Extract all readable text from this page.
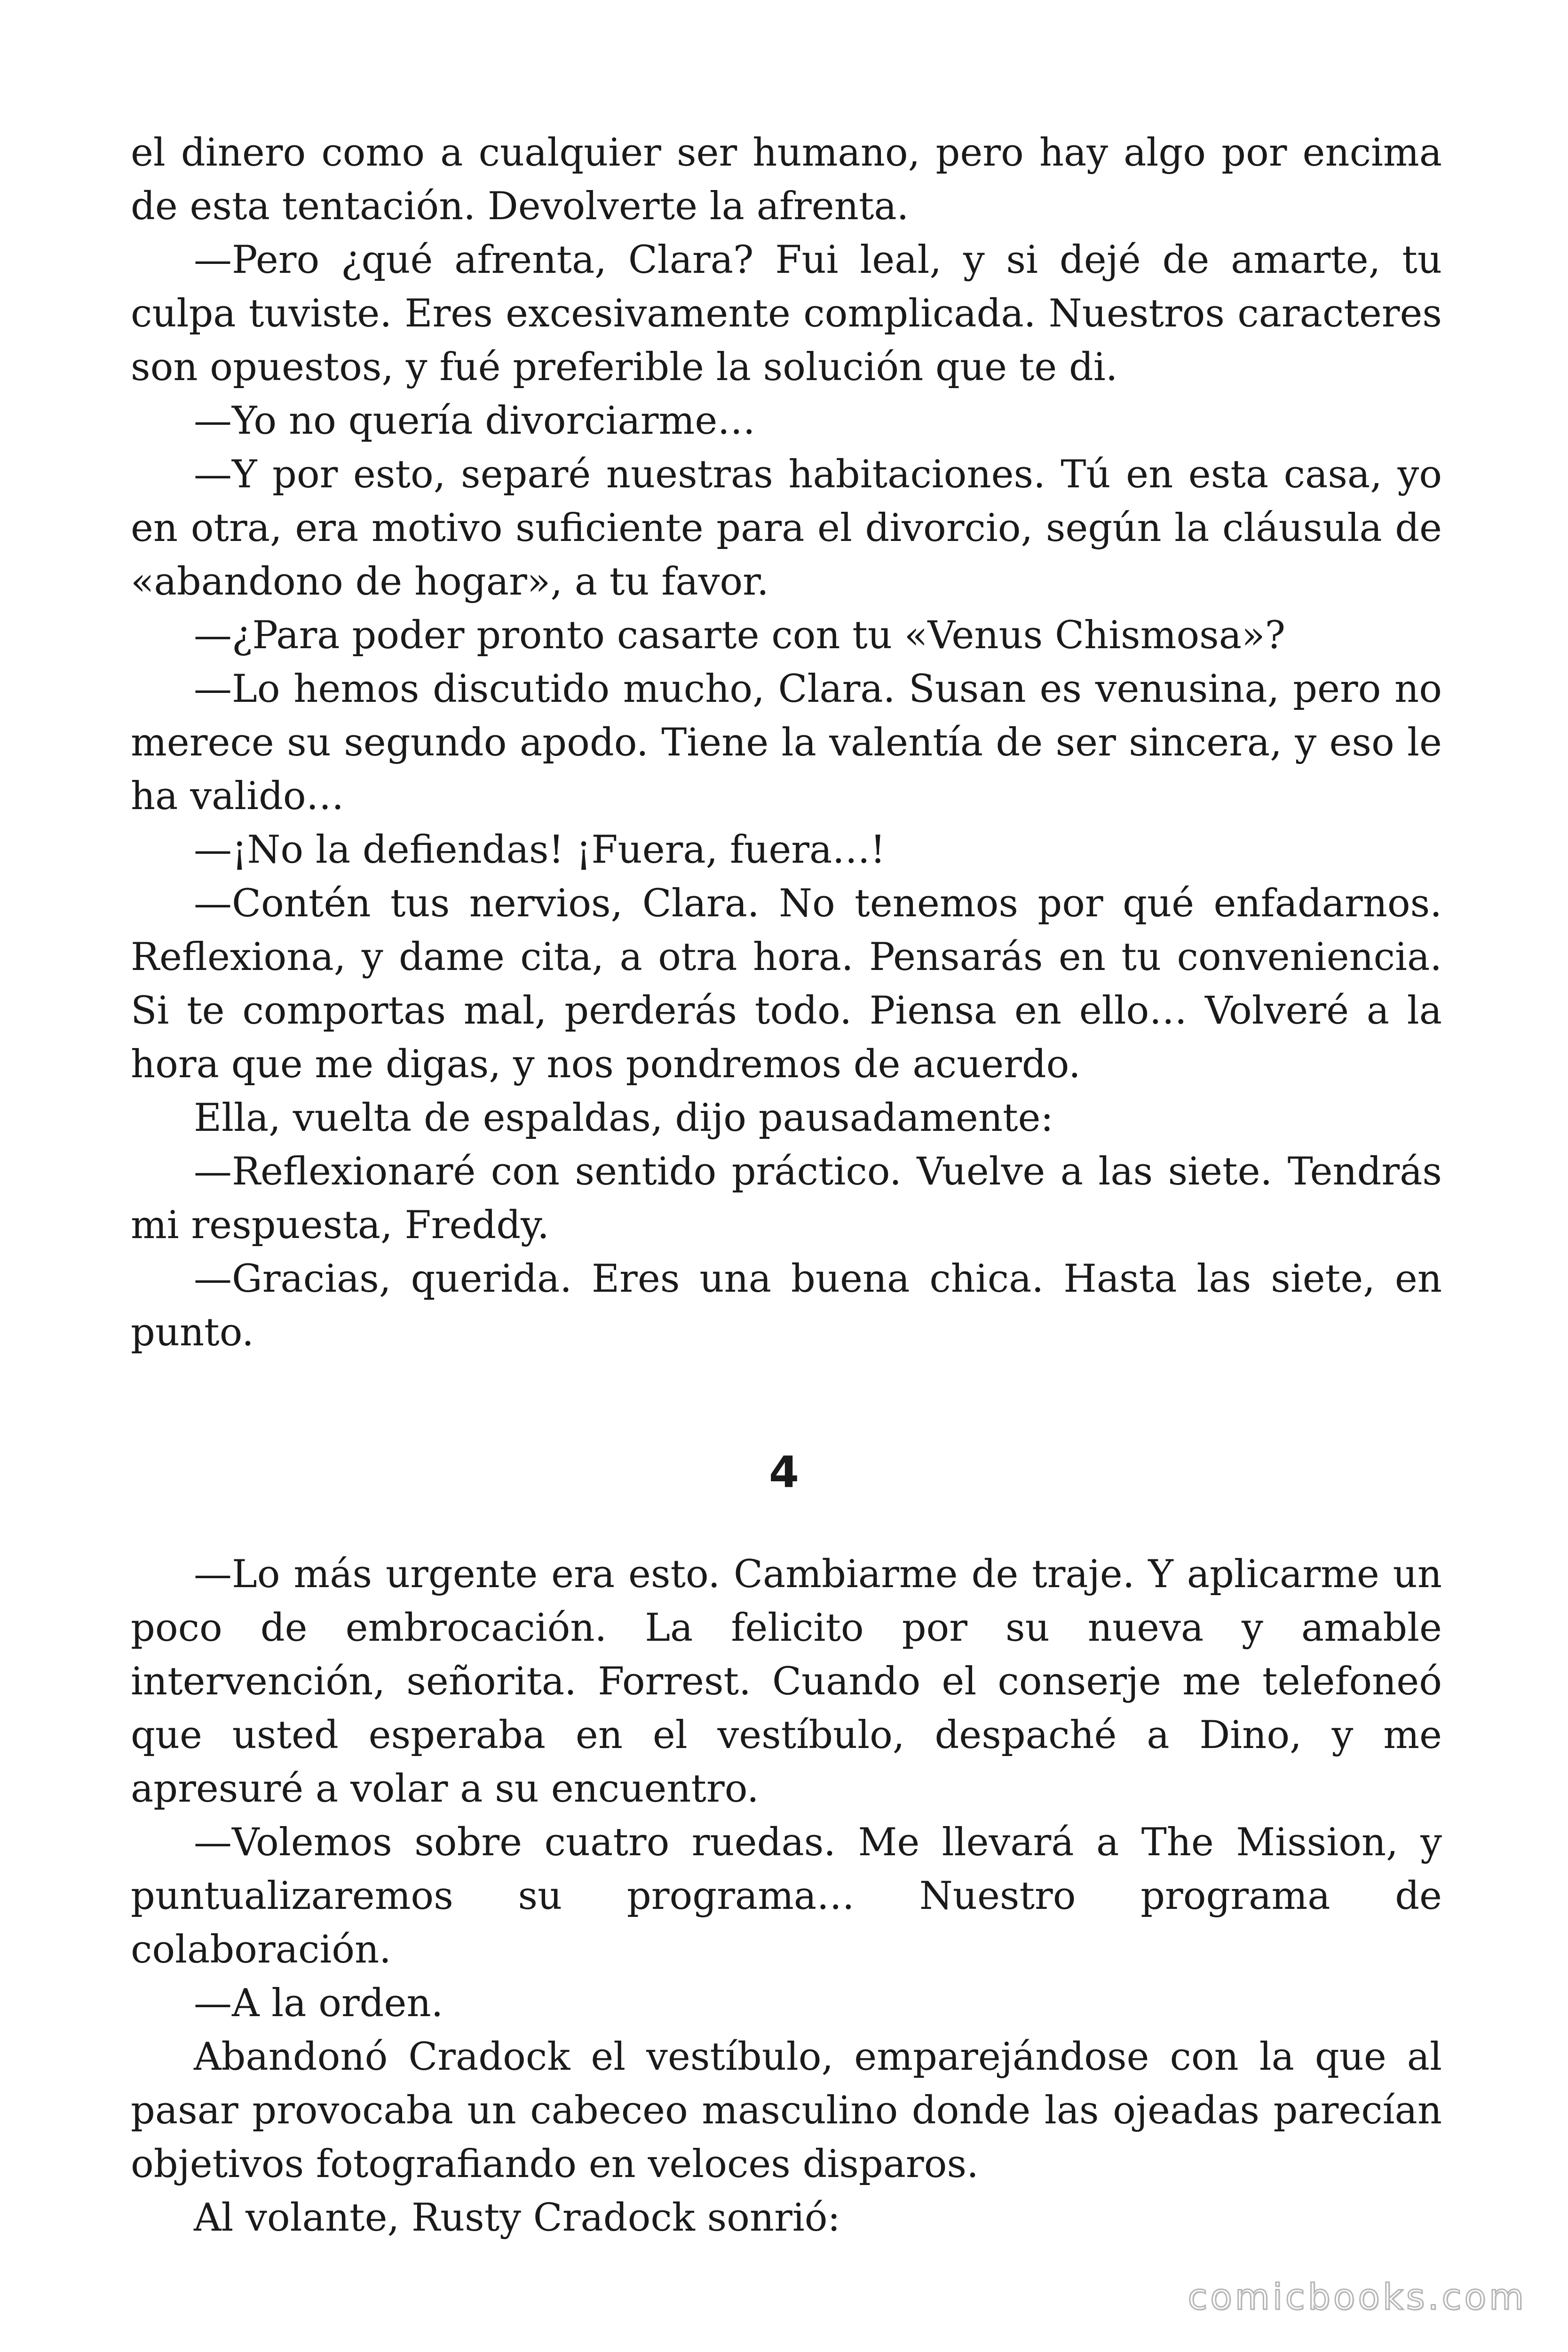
el dinero como a cualquier ser humano, pero hay algo por encima de esta tentación. Devolverte la afrenta.

—Pero ¿qué afrenta, Clara? Fui leal, y si dejé de amarte, tu culpa tuviste. Eres excesivamente complicada. Nuestros caracteres son opuestos, y fué preferible la solución que te di.

—Yo no quería divorciarme…

—Y por esto, separé nuestras habitaciones. Tú en esta casa, yo en otra, era motivo suficiente para el divorcio, según la cláusula de «abandono de hogar», a tu favor.

—¿Para poder pronto casarte con tu «Venus Chismosa»?

—Lo hemos discutido mucho, Clara. Susan es venusina, pero no merece su segundo apodo. Tiene la valentía de ser sincera, y eso le ha valido…

—¡No la defiendas! ¡Fuera, fuera…!

—Contén tus nervios, Clara. No tenemos por qué enfadarnos. Reflexiona, y dame cita, a otra hora. Pensarás en tu conveniencia. Si te comportas mal, perderás todo. Piensa en ello… Volveré a la hora que me digas, y nos pondremos de acuerdo.

Ella, vuelta de espaldas, dijo pausadamente:

—Reflexionaré con sentido práctico. Vuelve a las siete. Tendrás mi respuesta, Freddy.

—Gracias, querida. Eres una buena chica. Hasta las siete, en punto.

4

—Lo más urgente era esto. Cambiarme de traje. Y aplicarme un poco de embrocación. La felicito por su nueva y amable intervención, señorita. Forrest. Cuando el conserje me telefoneó que usted esperaba en el vestíbulo, despaché a Dino, y me apresuré a volar a su encuentro.

—Volemos sobre cuatro ruedas. Me llevará a The Mission, y puntualizaremos su programa… Nuestro programa de colaboración.

—A la orden.

Abandonó Cradock el vestíbulo, emparejándose con la que al pasar provocaba un cabeceo masculino donde las ojeadas parecían objetivos fotografiando en veloces disparos.

Al volante, Rusty Cradock sonrió:

comicbooks.com
